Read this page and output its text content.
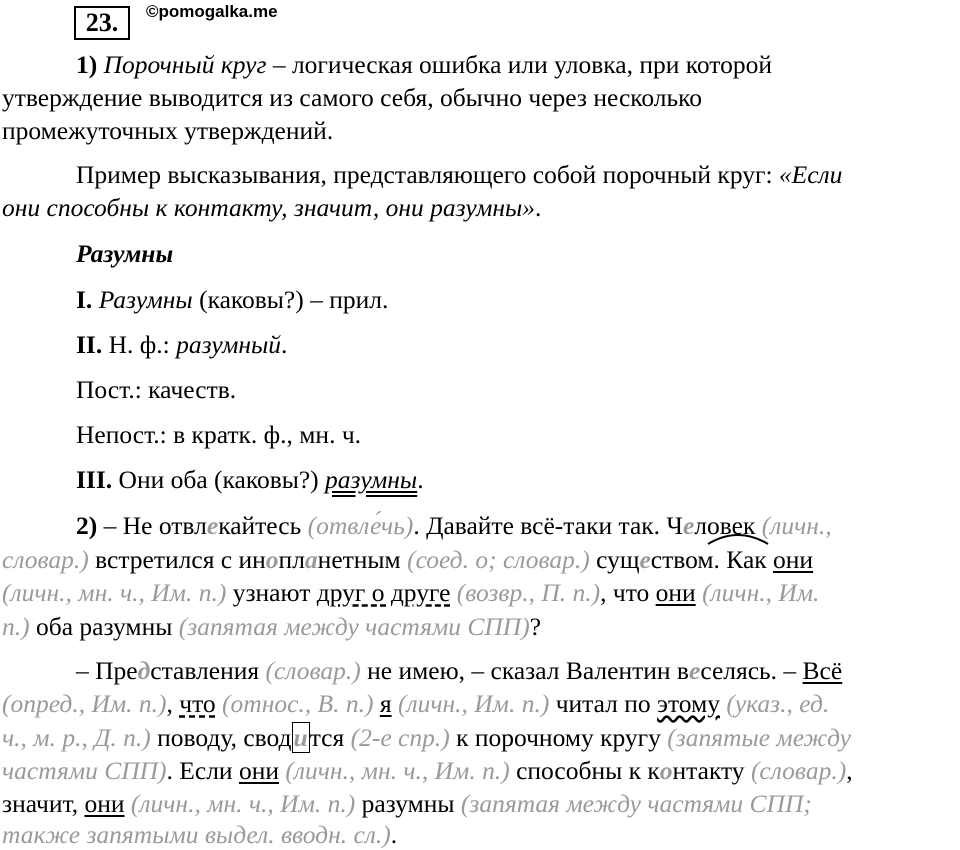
23.	©pomogalka.me
1) Порочный круг – логическая ошибка или уловка, при которой
утверждение выводится из самого себя, обычно через несколько
промежуточных утверждений.
Пример высказывания, представляющего собой порочный круг: «Если
они способны к контакту, значит, они разумны».
Разумны
I. Разумны (каковы?) – прил.
II. Н. ф.: разумный.
Пост.: качеств.
Непост.: в кратк. ф., мн. ч.
III. Они оба (каковы?) разумны.
2) – Не отвлекайтесь (отвле́чь). Давайте всё-таки так. Человек (личн.,
словар.) встретился с инопланетным (соед. о; словар.) существом. Как они
(личн., мн. ч., Им. п.) узнают друг о друге (возвр., П. п.), что они (личн., Им.
п.) оба разумны (запятая между частями СПП)?
– Представления (словар.) не имею, – сказал Валентин веселясь. – Всё
(опред., Им. п.), что (относ., В. п.) я (личн., Им. п.) читал по этому (указ., ед.
ч., м. р., Д. п.) поводу, сводится (2-е спр.) к порочному кругу (запятые между
частями СПП). Если они (личн., мн. ч., Им. п.) способны к контакту (словар.),
значит, они (личн., мн. ч., Им. п.) разумны (запятая между частями СПП;
также запятыми выдел. вводн. сл.).
